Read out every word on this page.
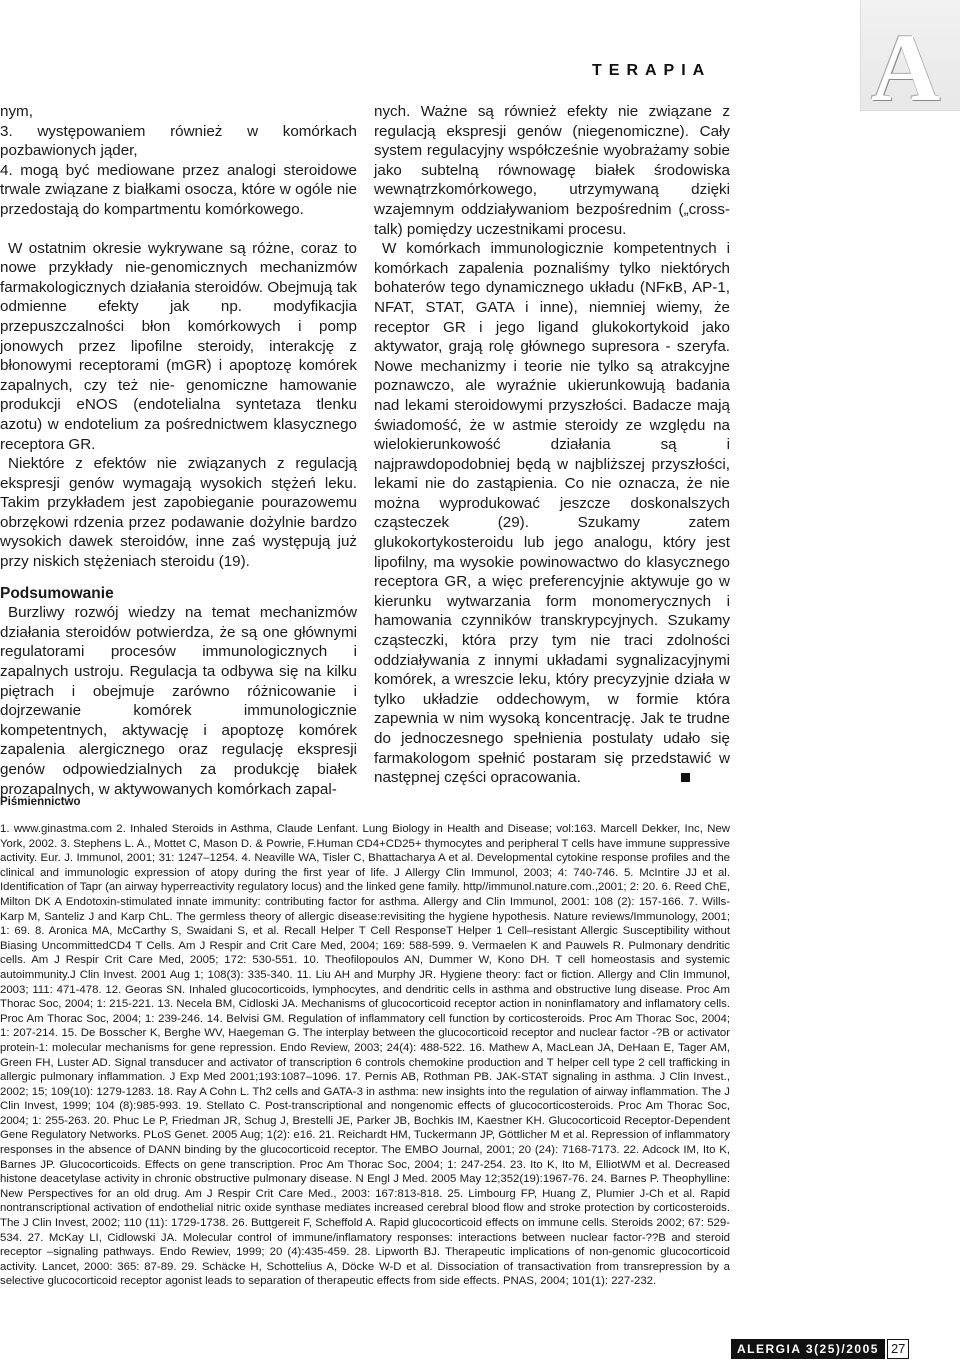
A
TERAPIA

nym,

3. występowaniem również w komórkach pozbawionych jąder,

4. mogą być mediowane przez analogi steroidowe trwale związane z białkami osocza, które w ogóle nie przedostają do kompartmentu komórkowego.

W ostatnim okresie wykrywane są różne, coraz to nowe przykłady nie-genomicznych mechanizmów farmakologicznych działania steroidów. Obejmują tak odmienne efekty jak np. modyfikacjia przepuszczalności błon komórkowych i pomp jonowych przez lipofilne steroidy, interakcję z błonowymi receptorami (mGR) i apoptozę komórek zapalnych, czy też nie- genomiczne hamowanie produkcji eNOS (endotelialna syntetaza tlenku azotu) w endotelium za pośrednictwem klasycznego receptora GR.

Niektóre z efektów nie związanych z regulacją ekspresji genów wymagają wysokich stężeń leku. Takim przykładem jest zapobieganie pourazowemu obrzękowi rdzenia przez podawanie dożylnie bardzo wysokich dawek steroidów, inne zaś występują już przy niskich stężeniach steroidu (19).

Podsumowanie

Burzliwy rozwój wiedzy na temat mechanizmów działania steroidów potwierdza, że są one głównymi regulatorami procesów immunologicznych i zapalnych ustroju. Regulacja ta odbywa się na kilku piętrach i obejmuje zarówno różnicowanie i dojrzewanie komórek immunologicznie kompetentnych, aktywację i apoptozę komórek zapalenia alergicznego oraz regulację ekspresji genów odpowiedzialnych za produkcję białek prozapalnych, w aktywowanych komórkach zapal-

nych. Ważne są również efekty nie związane z regulacją ekspresji genów (niegenomiczne). Cały system regulacyjny współcześnie wyobrażamy sobie jako subtelną równowagę białek środowiska wewnątrzkomórkowego, utrzymywaną dzięki wzajemnym oddziaływaniom bezpośrednim („cross-talk) pomiędzy uczestnikami procesu.

W komórkach immunologicznie kompetentnych i komórkach zapalenia poznaliśmy tylko niektórych bohaterów tego dynamicznego układu (NFκB, AP-1, NFAT, STAT, GATA i inne), niemniej wiemy, że receptor GR i jego ligand glukokortykoid jako aktywator, grają rolę głównego supresora - szeryfa. Nowe mechanizmy i teorie nie tylko są atrakcyjne poznawczo, ale wyraźnie ukierunkowują badania nad lekami steroidowymi przyszłości. Badacze mają świadomość, że w astmie steroidy ze względu na wielokierunkowość działania są i najprawdopodobniej będą w najbliższej przyszłości, lekami nie do zastąpienia. Co nie oznacza, że nie można wyprodukować jeszcze doskonalszych cząsteczek (29). Szukamy zatem glukokortykosteroidu lub jego analogu, który jest lipofilny, ma wysokie powinowactwo do klasycznego receptora GR, a więc preferencyjnie aktywuje go w kierunku wytwarzania form monomerycznych i hamowania czynników transkrypcyjnych. Szukamy cząsteczki, która przy tym nie traci zdolności oddziaływania z innymi układami sygnalizacyjnymi komórek, a wreszcie leku, który precyzyjnie działa w tylko układzie oddechowym, w formie która zapewnia w nim wysoką koncentrację. Jak te trudne do jednoczesnego spełnienia postulaty udało się farmakologom spełnić postaram się przedstawić w następnej części opracowania.

Piśmiennictwo
1. www.ginastma.com 2. Inhaled Steroids in Asthma, Claude Lenfant. Lung Biology in Health and Disease; vol:163. Marcell Dekker, Inc, New York, 2002. 3. Stephens L. A., Mottet C, Mason D. & Powrie, F.Human CD4+CD25+ thymocytes and peripheral T cells have immune suppressive activity. Eur. J. Immunol, 2001; 31: 1247–1254. 4. Neaville WA, Tisler C, Bhattacharya A et al. Developmental cytokine response profiles and the clinical and immunologic expression of atopy during the first year of life. J Allergy Clin Immunol, 2003; 4: 740-746. 5. McIntire JJ et al. Identification of Tapr (an airway hyperreactivity regulatory locus) and the linked gene family. http//immunol.nature.com.,2001; 2: 20. 6. Reed ChE, Milton DK A Endotoxin-stimulated innate immunity: contributing factor for asthma. Allergy and Clin Immunol, 2001: 108 (2): 157-166. 7. Wills-Karp M, Santeliz J and Karp ChL. The germless theory of allergic disease:revisiting the hygiene hypothesis. Nature reviews/Immunology, 2001; 1: 69. 8. Aronica MA, McCarthy S, Swaidani S, et al. Recall Helper T Cell ResponseT Helper 1 Cell–resistant Allergic Susceptibility without Biasing UncommittedCD4 T Cells. Am J Respir and Crit Care Med, 2004; 169: 588-599. 9. Vermaelen K and Pauwels R. Pulmonary dendritic cells. Am J Respir Crit Care Med, 2005; 172: 530-551. 10. Theofilopoulos AN, Dummer W, Kono DH. T cell homeostasis and systemic autoimmunity.J Clin Invest. 2001 Aug 1; 108(3): 335-340. 11. Liu AH and Murphy JR. Hygiene theory: fact or fiction. Allergy and Clin Immunol, 2003; 111: 471-478. 12. Georas SN. Inhaled glucocorticoids, lymphocytes, and dendritic cells in asthma and obstructive lung disease. Proc Am Thorac Soc, 2004; 1: 215-221. 13. Necela BM, Cidloski JA. Mechanisms of glucocorticoid receptor action in noninflamatory and inflamatory cells. Proc Am Thorac Soc, 2004; 1: 239-246. 14. Belvisi GM. Regulation of inflammatory cell function by corticosteroids. Proc Am Thorac Soc, 2004; 1: 207-214. 15. De Bosscher K, Berghe WV, Haegeman G. The interplay between the glucocorticoid receptor and nuclear factor -?B or activator protein-1: molecular mechanisms for gene repression. Endo Review, 2003; 24(4): 488-522. 16. Mathew A, MacLean JA, DeHaan E, Tager AM, Green FH, Luster AD. Signal transducer and activator of transcription 6 controls chemokine production and T helper cell type 2 cell trafficking in allergic pulmonary inflammation. J Exp Med 2001;193:1087–1096. 17. Pernis AB, Rothman PB. JAK-STAT signaling in asthma. J Clin Invest., 2002; 15; 109(10): 1279-1283. 18. Ray A Cohn L. Th2 cells and GATA-3 in asthma: new insights into the regulation of airway inflammation. The J Clin Invest, 1999; 104 (8):985-993. 19. Stellato C. Post-transcriptional and nongenomic effects of glucocorticosteroids. Proc Am Thorac Soc, 2004; 1: 255-263. 20. Phuc Le P, Friedman JR, Schug J, Brestelli JE, Parker JB, Bochkis IM, Kaestner KH. Glucocorticoid Receptor-Dependent Gene Regulatory Networks. PLoS Genet. 2005 Aug; 1(2): e16. 21. Reichardt HM, Tuckermann JP, Göttlicher M et al. Repression of inflammatory responses in the absence of DANN binding by the glucocorticoid receptor. The EMBO Journal, 2001; 20 (24): 7168-7173. 22. Adcock IM, Ito K, Barnes JP. Glucocorticoids. Effects on gene transcription. Proc Am Thorac Soc, 2004; 1: 247-254. 23. Ito K, Ito M, ElliotWM et al. Decreased histone deacetylase activity in chronic obstructive pulmonary disease. N Engl J Med. 2005 May 12;352(19):1967-76. 24. Barnes P. Theophylline: New Perspectives for an old drug. Am J Respir Crit Care Med., 2003: 167:813-818. 25. Limbourg FP, Huang Z, Plumier J-Ch et al. Rapid nontranscriptional activation of endothelial nitric oxide synthase mediates increased cerebral blood flow and stroke protection by corticosteroids. The J Clin Invest, 2002; 110 (11): 1729-1738. 26. Buttgereit F, Scheffold A. Rapid glucocorticoid effects on immune cells. Steroids 2002; 67: 529-534. 27. McKay LI, Cidlowski JA. Molecular control of immune/inflamatory responses: interactions between nuclear factor-??B and steroid receptor –signaling pathways. Endo Rewiev, 1999; 20 (4):435-459. 28. Lipworth BJ. Therapeutic implications of non-genomic glucocorticoid activity. Lancet, 2000: 365: 87-89. 29. Schäcke H, Schottelius A, Döcke W-D et al. Dissociation of transactivation from transrepression by a selective glucocorticoid receptor agonist leads to separation of therapeutic effects from side effects. PNAS, 2004; 101(1): 227-232.
ALERGIA 3(25)/2005 27
